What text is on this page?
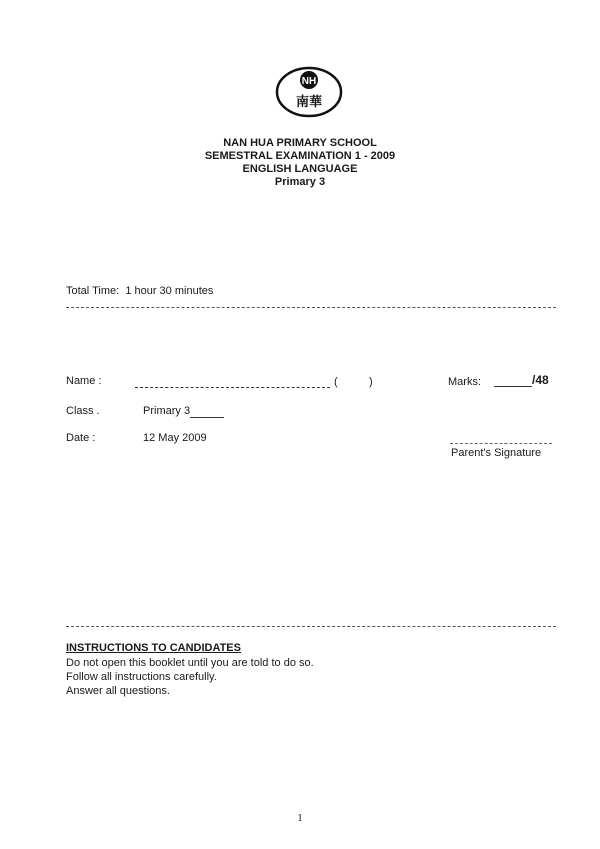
NH
南華
NAN HUA PRIMARY SCHOOL
SEMESTRAL EXAMINATION 1 - 2009
ENGLISH LANGUAGE
Primary 3
Total Time: 1 hour 30 minutes
Name :	(	)	Marks:	/48
Class .	Primary 3
Date :	12 May 2009
Parent's Signature
INSTRUCTIONS TO CANDIDATES
Do not open this booklet until you are told to do so.
Follow all instructions carefully.
Answer all questions.
1
